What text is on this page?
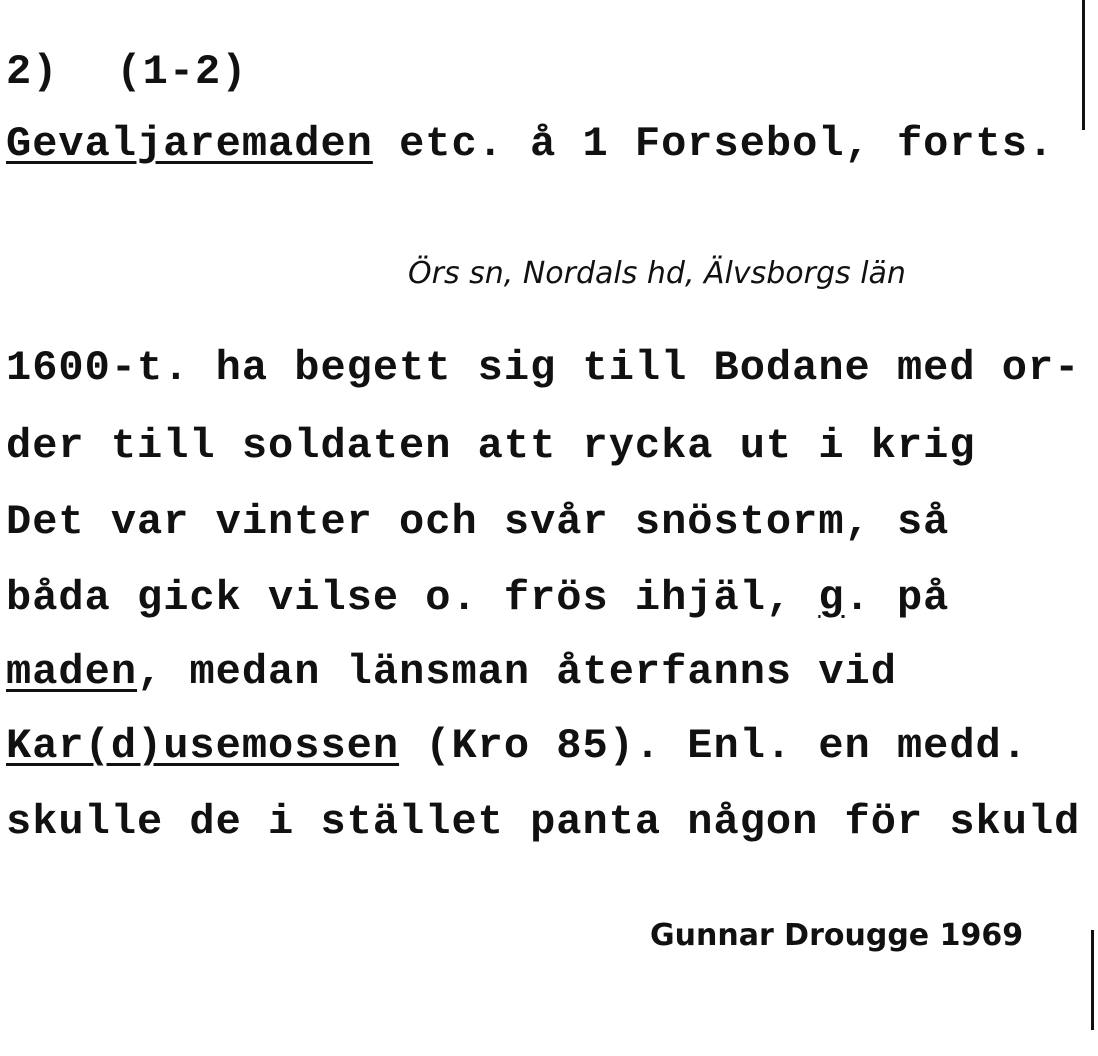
2) (1-2)
Gevaljaremaden etc. å 1 Forsebol, forts.
Örs sn, Nordals hd, Älvsborgs län
1600-t. ha begett sig till Bodane med or-
der till soldaten att rycka ut i krig
Det var vinter och svår snöstorm, så
båda gick vilse o. frös ihjäl, g. på
maden, medan länsman återfanns vid
Kar(d)usemossen (Kro 85). Enl. en medd.
skulle de i stället panta någon för skuld
Gunnar Drougge 1969
